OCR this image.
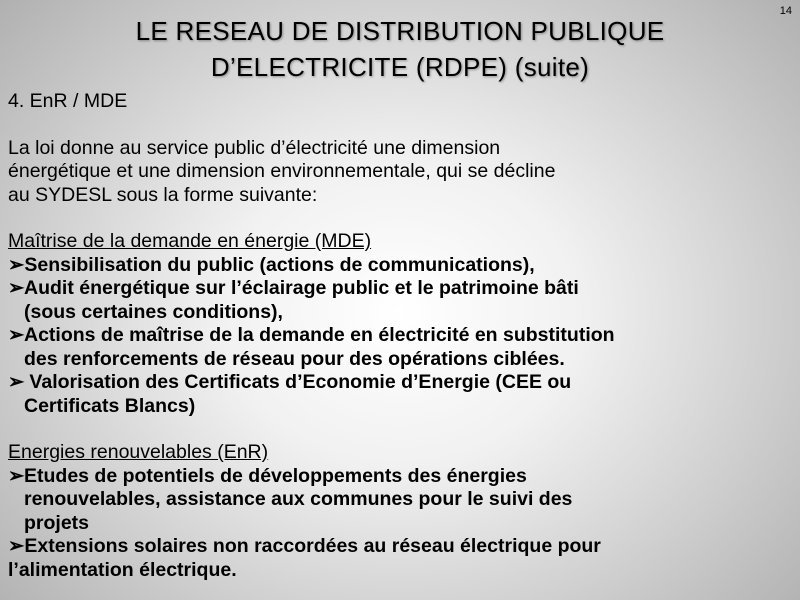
14
LE RESEAU DE DISTRIBUTION PUBLIQUE
D’ELECTRICITE (RDPE) (suite)

4. EnR / MDE

La loi donne au service public d’électricité une dimension

énergétique et une dimension environnementale, qui se décline

au SYDESL sous la forme suivante:

Maîtrise de la demande en énergie (MDE)

➢Sensibilisation du public (actions de communications),
➢ Audit énergétique sur l’éclairage public et le patrimoine bâti
(sous certaines conditions),
➢ Actions de maîtrise de la demande en électricité en substitution
des renforcements de réseau pour des opérations ciblées.
➢ Valorisation des Certificats d’Economie d’Energie (CEE ou
Certificats Blancs)

Energies renouvelables (EnR)

➢ Etudes de potentiels de développements des énergies
renouvelables, assistance aux communes pour le suivi des
projets
➢Extensions solaires non raccordées au réseau électrique pour
l’alimentation électrique.
